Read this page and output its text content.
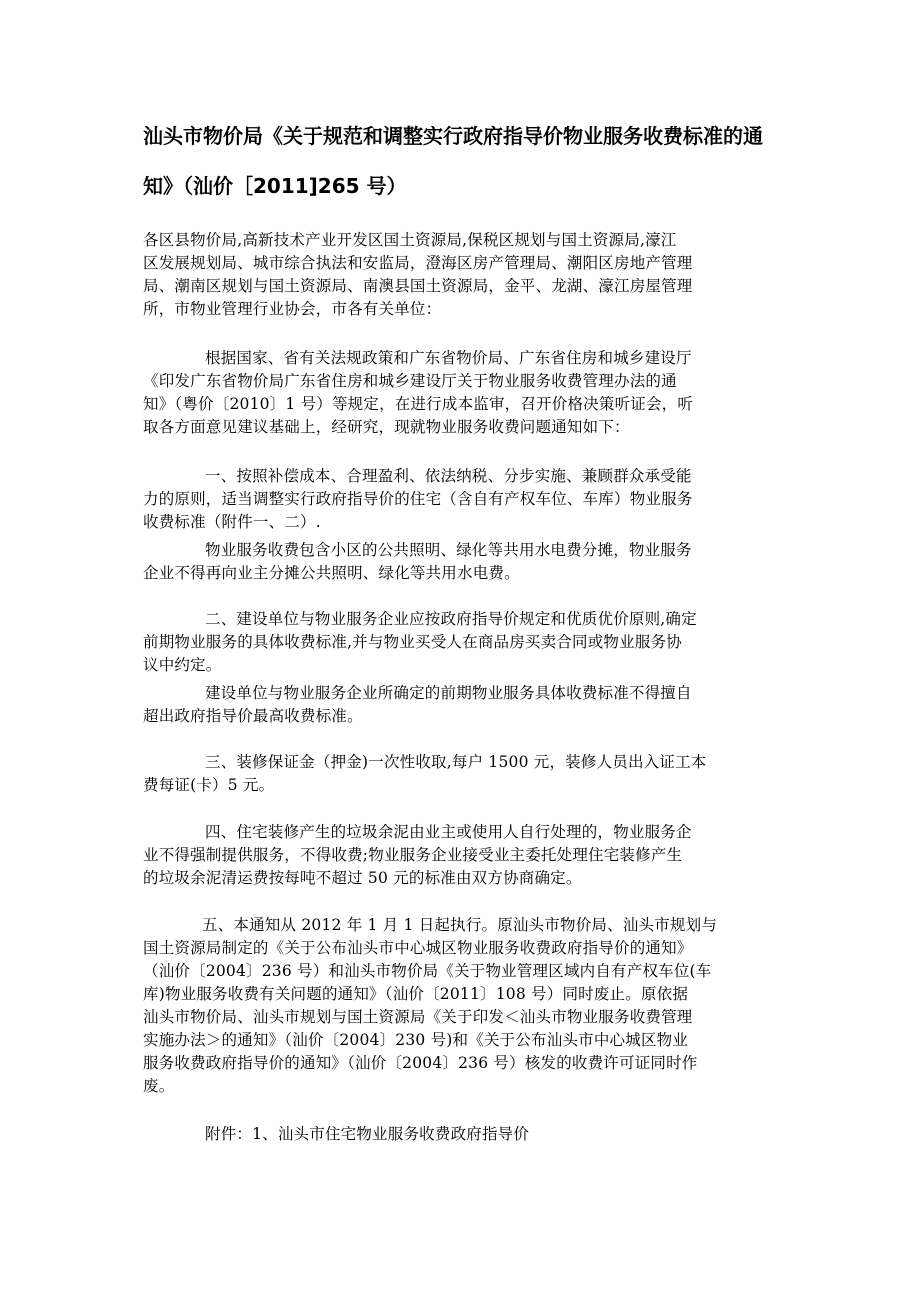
汕头市物价局《关于规范和调整实行政府指导价物业服务收费标准的通
知》（汕价［2011]265 号）
各区县物价局,高新技术产业开发区国土资源局,保税区规划与国土资源局,濠江
区发展规划局、城市综合执法和安监局，澄海区房产管理局、潮阳区房地产管理
局、潮南区规划与国土资源局、南澳县国土资源局，金平、龙湖、濠江房屋管理
所，市物业管理行业协会，市各有关单位：
根据国家、省有关法规政策和广东省物价局、广东省住房和城乡建设厅
《印发广东省物价局广东省住房和城乡建设厅关于物业服务收费管理办法的通
知》（粤价〔2010〕1 号）等规定，在进行成本监审，召开价格决策听证会，听
取各方面意见建议基础上，经研究，现就物业服务收费问题通知如下：
一、按照补偿成本、合理盈利、依法纳税、分步实施、兼顾群众承受能
力的原则，适当调整实行政府指导价的住宅（含自有产权车位、车库）物业服务
收费标准（附件一、二）.
物业服务收费包含小区的公共照明、绿化等共用水电费分摊，物业服务
企业不得再向业主分摊公共照明、绿化等共用水电费。
二、建设单位与物业服务企业应按政府指导价规定和优质优价原则,确定
前期物业服务的具体收费标准,并与物业买受人在商品房买卖合同或物业服务协
议中约定。
建设单位与物业服务企业所确定的前期物业服务具体收费标准不得擅自
超出政府指导价最高收费标准。
三、装修保证金（押金)一次性收取,每户 1500 元，装修人员出入证工本
费每证(卡）5 元。
四、住宅装修产生的垃圾余泥由业主或使用人自行处理的，物业服务企
业不得强制提供服务，不得收费;物业服务企业接受业主委托处理住宅装修产生
的垃圾余泥清运费按每吨不超过 50 元的标准由双方协商确定。
五、本通知从 2012 年 1 月 1 日起执行。原汕头市物价局、汕头市规划与
国土资源局制定的《关于公布汕头市中心城区物业服务收费政府指导价的通知》
（汕价〔2004〕236 号）和汕头市物价局《关于物业管理区域内自有产权车位(车
库)物业服务收费有关问题的通知》（汕价〔2011〕108 号）同时废止。原依据
汕头市物价局、汕头市规划与国土资源局《关于印发＜汕头市物业服务收费管理
实施办法＞的通知》（汕价〔2004〕230 号)和《关于公布汕头市中心城区物业
服务收费政府指导价的通知》（汕价〔2004〕236 号）核发的收费许可证同时作
废。
附件：1、汕头市住宅物业服务收费政府指导价
